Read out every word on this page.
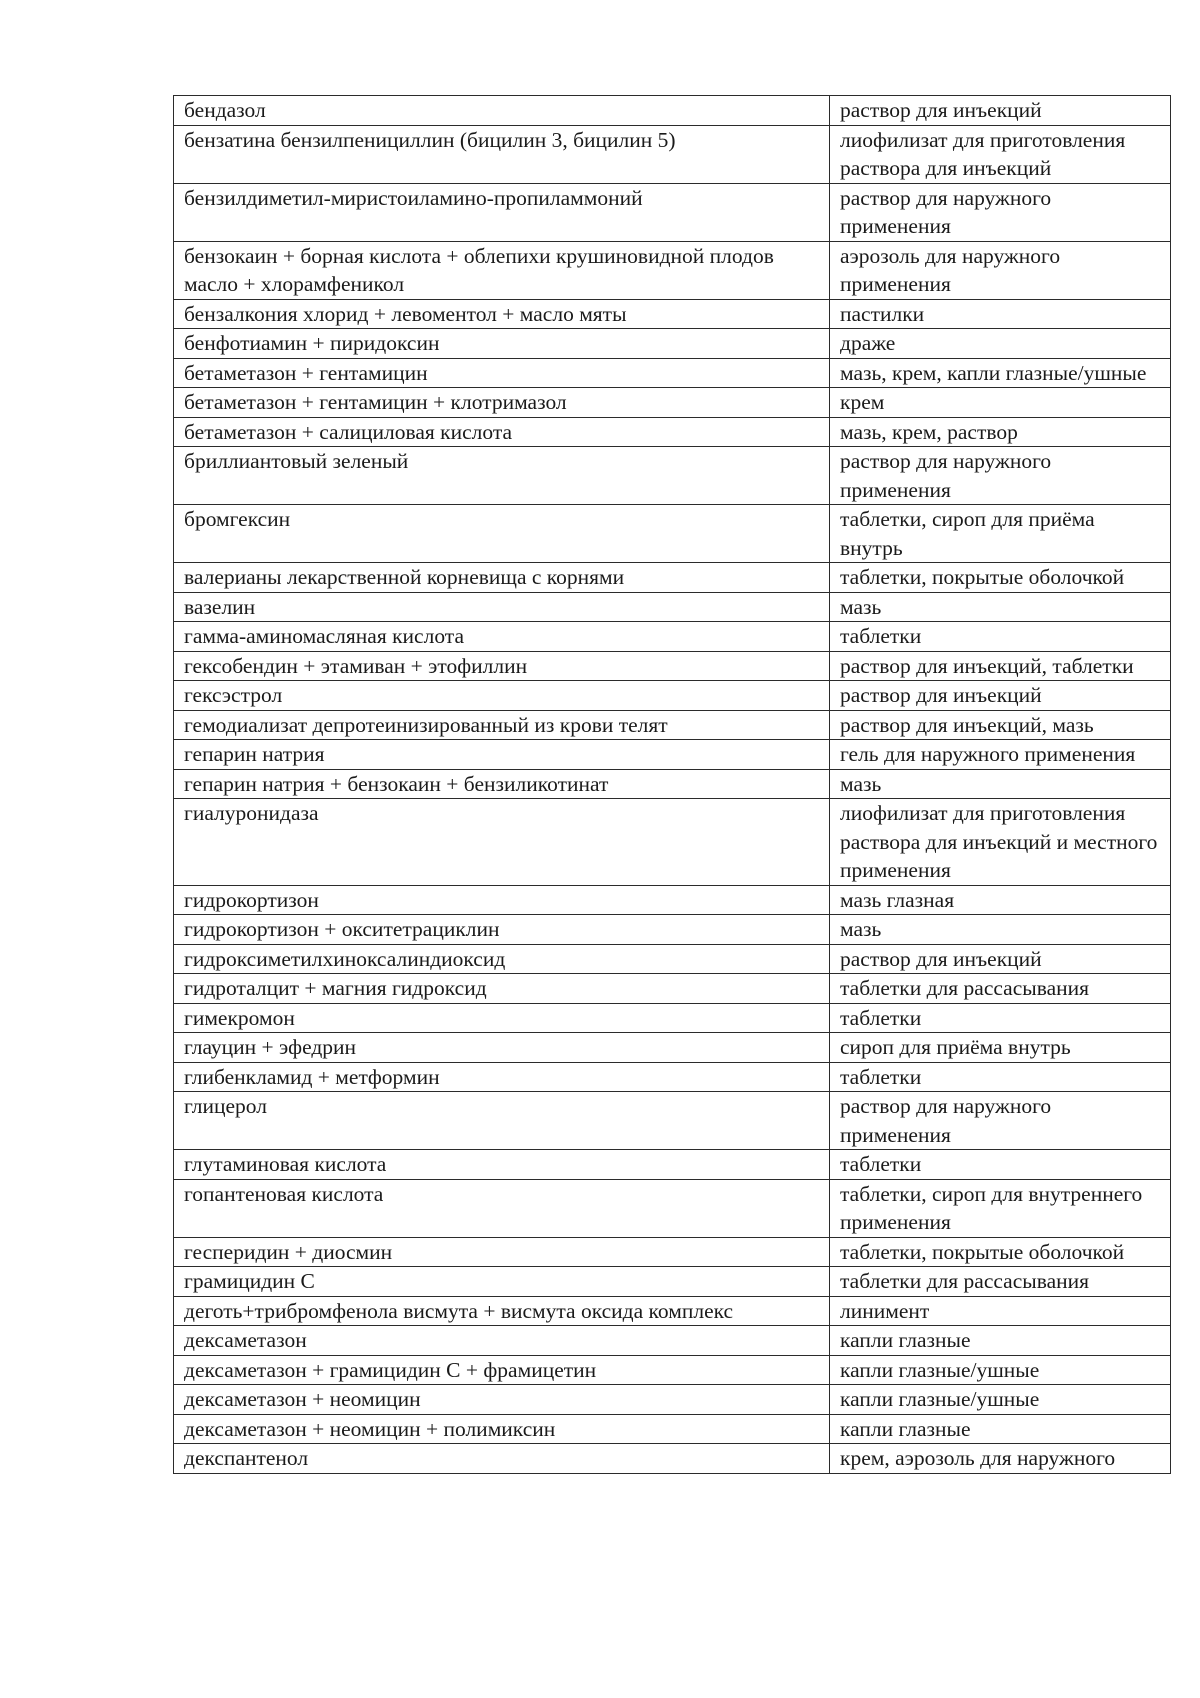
бендазол	раствор для инъекций
бензатина бензилпенициллин (бицилин 3, бицилин 5)	лиофилизат для приготовления раствора для инъекций
бензилдиметил-миристоиламино-пропиламмоний	раствор для наружного применения
бензокаин + борная кислота + облепихи крушиновидной плодов масло + хлорамфеникол	аэрозоль для наружного применения
бензалкония хлорид + левоментол + масло мяты	пастилки
бенфотиамин + пиридоксин	драже
бетаметазон + гентамицин	мазь, крем, капли глазные/ушные
бетаметазон + гентамицин + клотримазол	крем
бетаметазон + салициловая кислота	мазь, крем, раствор
бриллиантовый зеленый	раствор для наружного применения
бромгексин	таблетки, сироп для приёма внутрь
валерианы лекарственной корневища с корнями	таблетки, покрытые оболочкой
вазелин	мазь
гамма-аминомасляная кислота	таблетки
гексобендин + этамиван + этофиллин	раствор для инъекций, таблетки
гексэстрол	раствор для инъекций
гемодиализат депротеинизированный из крови телят	раствор для инъекций, мазь
гепарин натрия	гель для наружного применения
гепарин натрия + бензокаин + бензиликотинат	мазь
гиалуронидаза	лиофилизат для приготовления раствора для инъекций и местного применения
гидрокортизон	мазь глазная
гидрокортизон + окситетрациклин	мазь
гидроксиметилхиноксалиндиоксид	раствор для инъекций
гидроталцит + магния гидроксид	таблетки для рассасывания
гимекромон	таблетки
глауцин + эфедрин	сироп для приёма внутрь
глибенкламид + метформин	таблетки
глицерол	раствор для наружного применения
глутаминовая кислота	таблетки
гопантеновая кислота	таблетки, сироп для внутреннего применения
гесперидин + диосмин	таблетки, покрытые оболочкой
грамицидин С	таблетки для рассасывания
деготь+трибромфенола висмута + висмута оксида комплекс	линимент
дексаметазон	капли глазные
дексаметазон + грамицидин С + фрамицетин	капли глазные/ушные
дексаметазон + неомицин	капли глазные/ушные
дексаметазон + неомицин + полимиксин	капли глазные
декспантенол	крем, аэрозоль для наружного
